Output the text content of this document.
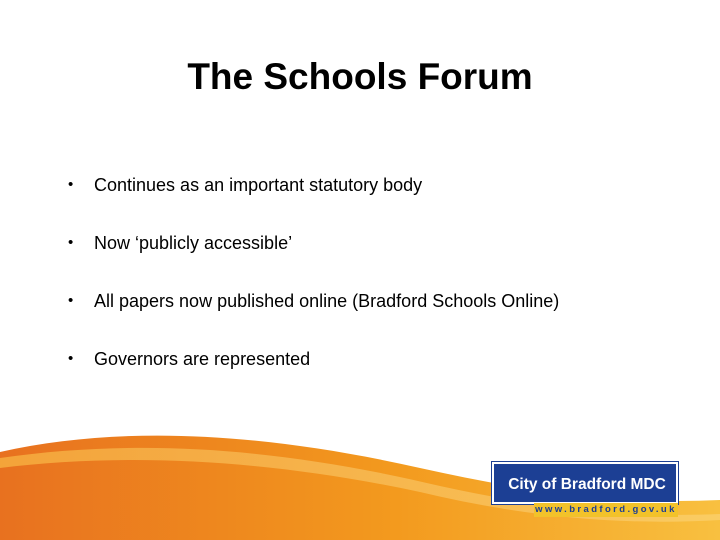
The Schools Forum
• Continues as an important statutory body
• Now ‘publicly accessible’
• All papers now published online (Bradford Schools Online)
• Governors are represented
City of Bradford MDC
www.bradford.gov.uk
